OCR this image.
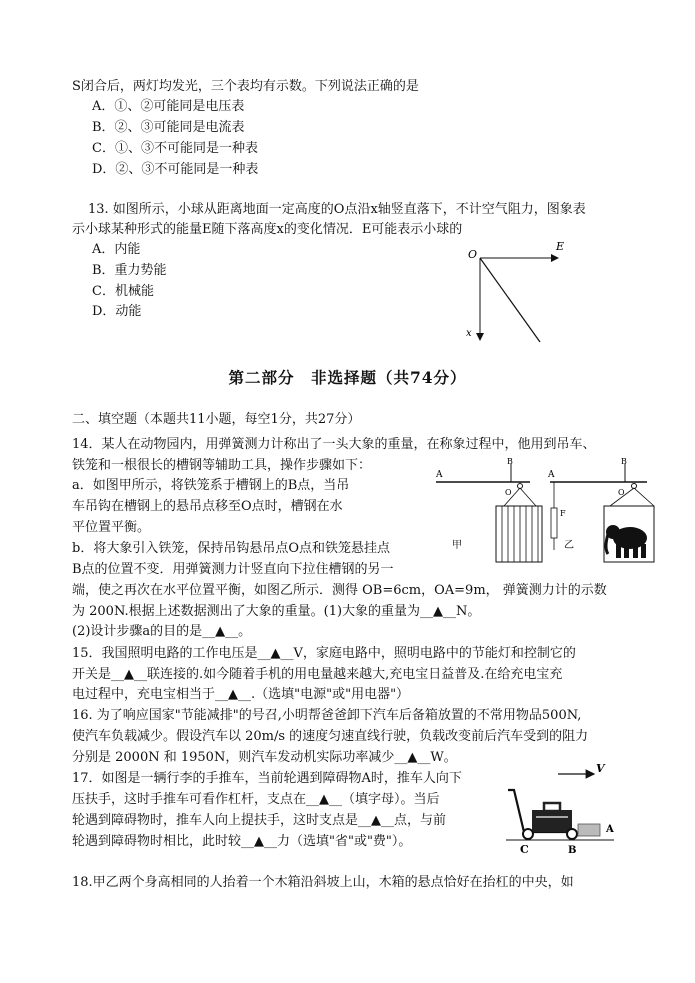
S闭合后，两灯均发光，三个表均有示数。下列说法正确的是
A．①、②可能同是电压表
B．②、③可能同是电流表
C．①、③不可能同是一种表
D．②、③不可能同是一种表
13. 如图所示，小球从距离地面一定高度的O点沿x轴竖直落下，不计空气阻力，图象表
示小球某种形式的能量E随下落高度x的变化情况．E可能表示小球的
A．内能
B．重力势能
C．机械能
D．动能
O
E
x
第二部分　非选择题（共74分）
二、填空题（本题共11小题，每空1分，共27分）
14．某人在动物园内，用弹簧测力计称出了一头大象的重量，在称象过程中，他用到吊车、
铁笼和一根很长的槽钢等辅助工具，操作步骤如下：
a．如图甲所示，将铁笼系于槽钢上的B点，当吊
车吊钩在槽钢上的悬吊点移至O点时，槽钢在水
平位置平衡。
b．将大象引入铁笼，保持吊钩悬吊点O点和铁笼悬挂点
B点的位置不变．用弹簧测力计竖直向下拉住槽钢的另一
端，使之再次在水平位置平衡，如图乙所示．测得 OB=6cm，OA=9m， 弹簧测力计的示数
为 200N.根据上述数据测出了大象的重量。(1)大象的重量为__▲__N。
(2)设计步骤a的目的是__▲__。
A
B
O
甲
A
B
O
F
乙
15．我国照明电路的工作电压是__▲__V，家庭电路中，照明电路中的节能灯和控制它的
开关是__▲__联连接的.如今随着手机的用电量越来越大,充电宝日益普及.在给充电宝充
电过程中，充电宝相当于__▲__.（选填"电源"或"用电器"）
16. 为了响应国家"节能减排"的号召,小明帮爸爸卸下汽车后备箱放置的不常用物品500N,
使汽车负载减少。假设汽车以 20m/s 的速度匀速直线行驶，负载改变前后汽车受到的阻力
分别是 2000N 和 1950N，则汽车发动机实际功率减少__▲__W。
17．如图是一辆行李的手推车，当前轮遇到障碍物A时，推车人向下
压扶手，这时手推车可看作杠杆，支点在__▲__（填字母）。当后
轮遇到障碍物时，推车人向上提扶手，这时支点是__▲__点，与前
轮遇到障碍物时相比，此时较__▲__力（选填"省"或"费"）。
V
A
B
C
18.甲乙两个身高相同的人抬着一个木箱沿斜坡上山，木箱的悬点恰好在抬杠的中央，如
